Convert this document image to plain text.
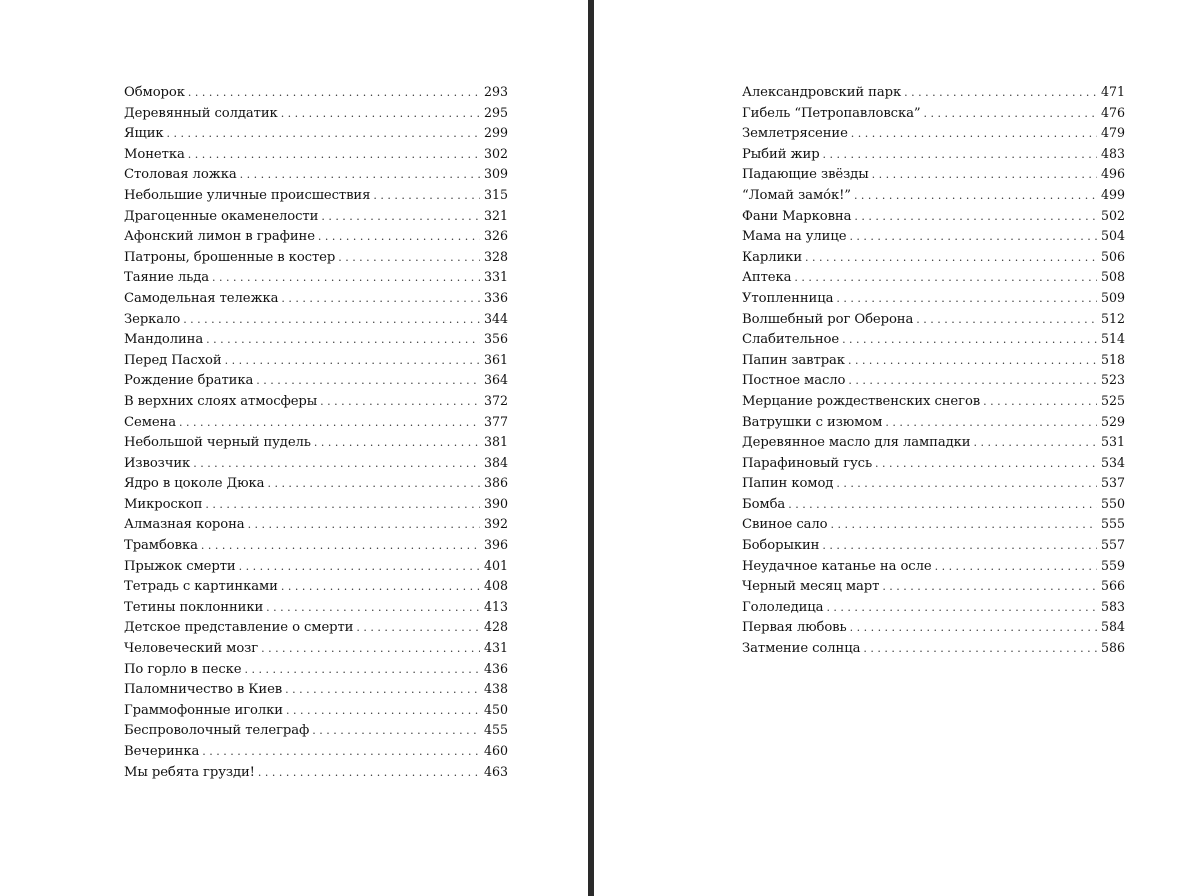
Обморок . . .	293
Деревянный солдатик . . .	295
Ящик . . .	299
Монетка . . .	302
Столовая ложка . . .	309
Небольшие уличные происшествия . . .	315
Драгоценные окаменелости . . .	321
Афонский лимон в графине . . .	326
Патроны, брошенные в костер . . .	328
Таяние льда . . .	331
Самодельная тележка . . .	336
Зеркало . . .	344
Мандолина . . .	356
Перед Пасхой . . .	361
Рождение братика . . .	364
В верхних слоях атмосферы . . .	372
Семена . . .	377
Небольшой черный пудель . . .	381
Извозчик . . .	384
Ядро в цоколе Дюка . . .	386
Микроскоп . . .	390
Алмазная корона . . .	392
Трамбовка . . .	396
Прыжок смерти . . .	401
Тетрадь с картинками . . .	408
Тетины поклонники . . .	413
Детское представление о смерти . . .	428
Человеческий мозг . . .	431
По горло в песке . . .	436
Паломничество в Киев . . .	438
Граммофонные иголки . . .	450
Беспроволочный телеграф . . .	455
Вечеринка . . .	460
Мы ребята грузди! . . .	463
Александровский парк . . .	471
Гибель “Петропавловска” . . .	476
Землетрясение . . .	479
Рыбий жир . . .	483
Падающие звёзды . . .	496
“Ломай замо́к!” . . .	499
Фани Марковна . . .	502
Мама на улице . . .	504
Карлики . . .	506
Аптека . . .	508
Утопленница . . .	509
Волшебный рог Оберона . . .	512
Слабительное . . .	514
Папин завтрак . . .	518
Постное масло . . .	523
Мерцание рождественских снегов . . .	525
Ватрушки с изюмом . . .	529
Деревянное масло для лампадки . . .	531
Парафиновый гусь . . .	534
Папин комод . . .	537
Бомба . . .	550
Свиное сало . . .	555
Боборыкин . . .	557
Неудачное катанье на осле . . .	559
Черный месяц март . . .	566
Гололедица . . .	583
Первая любовь . . .	584
Затмение солнца . . .	586
